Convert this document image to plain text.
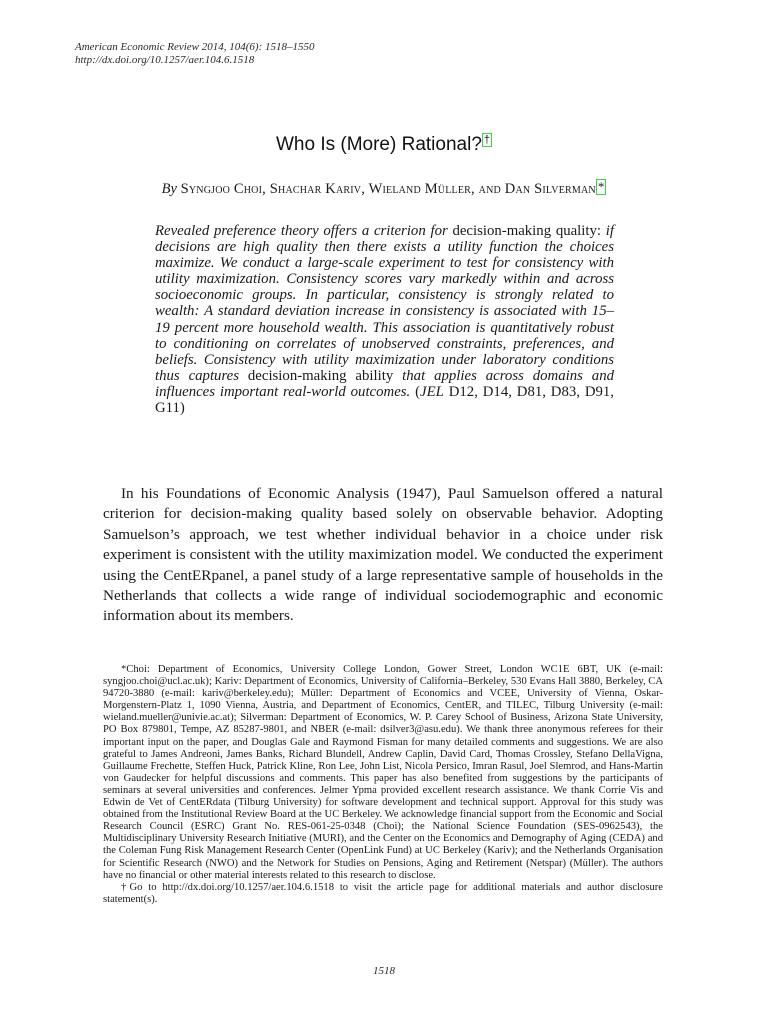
American Economic Review 2014, 104(6): 1518–1550
http://dx.doi.org/10.1257/aer.104.6.1518
Who Is (More) Rational? †
By Syngjoo Choi, Shachar Kariv, Wieland Müller, and Dan Silverman *
Revealed preference theory offers a criterion for decision-making quality: if decisions are high quality then there exists a utility function the choices maximize. We conduct a large-scale experiment to test for consistency with utility maximization. Consistency scores vary markedly within and across socioeconomic groups. In particular, consistency is strongly related to wealth: A standard deviation increase in consistency is associated with 15–19 percent more household wealth. This association is quantitatively robust to conditioning on correlates of unobserved constraints, preferences, and beliefs. Consistency with utility maximization under laboratory conditions thus captures decision-making ability that applies across domains and influences important real-world outcomes. (JEL D12, D14, D81, D83, D91, G11)

In his Foundations of Economic Analysis (1947), Paul Samuelson offered a natural criterion for decision-making quality based solely on observable behavior. Adopting Samuelson’s approach, we test whether individual behavior in a choice under risk experiment is consistent with the utility maximization model. We conducted the experiment using the CentERpanel, a panel study of a large representative sample of households in the Netherlands that collects a wide range of individual sociodemographic and economic information about its members.

*Choi: Department of Economics, University College London, Gower Street, London WC1E 6BT, UK (e-mail: syngjoo.choi@ucl.ac.uk); Kariv: Department of Economics, University of California–Berkeley, 530 Evans Hall 3880, Berkeley, CA 94720-3880 (e-mail: kariv@berkeley.edu); Müller: Department of Economics and VCEE, University of Vienna, Oskar-Morgenstern-Platz 1, 1090 Vienna, Austria, and Department of Economics, CentER, and TILEC, Tilburg University (e-mail: wieland.mueller@univie.ac.at); Silverman: Department of Economics, W. P. Carey School of Business, Arizona State University, PO Box 879801, Tempe, AZ 85287-9801, and NBER (e-mail: dsilver3@asu.edu). We thank three anonymous referees for their important input on the paper, and Douglas Gale and Raymond Fisman for many detailed comments and suggestions. We are also grateful to James Andreoni, James Banks, Richard Blundell, Andrew Caplin, David Card, Thomas Crossley, Stefano DellaVigna, Guillaume Frechette, Steffen Huck, Patrick Kline, Ron Lee, John List, Nicola Persico, Imran Rasul, Joel Slemrod, and Hans-Martin von Gaudecker for helpful discussions and comments. This paper has also benefited from suggestions by the participants of seminars at several universities and conferences. Jelmer Ypma provided excellent research assistance. We thank Corrie Vis and Edwin de Vet of CentERdata (Tilburg University) for software development and technical support. Approval for this study was obtained from the Institutional Review Board at the UC Berkeley. We acknowledge financial support from the Economic and Social Research Council (ESRC) Grant No. RES-061-25-0348 (Choi); the National Science Foundation (SES-0962543), the Multidisciplinary University Research Initiative (MURI), and the Center on the Economics and Demography of Aging (CEDA) and the Coleman Fung Risk Management Research Center (OpenLink Fund) at UC Berkeley (Kariv); and the Netherlands Organisation for Scientific Research (NWO) and the Network for Studies on Pensions, Aging and Retirement (Netspar) (Müller). The authors have no financial or other material interests related to this research to disclose.

†Go to http://dx.doi.org/10.1257/aer.104.6.1518 to visit the article page for additional materials and author disclosure statement(s).

1518
